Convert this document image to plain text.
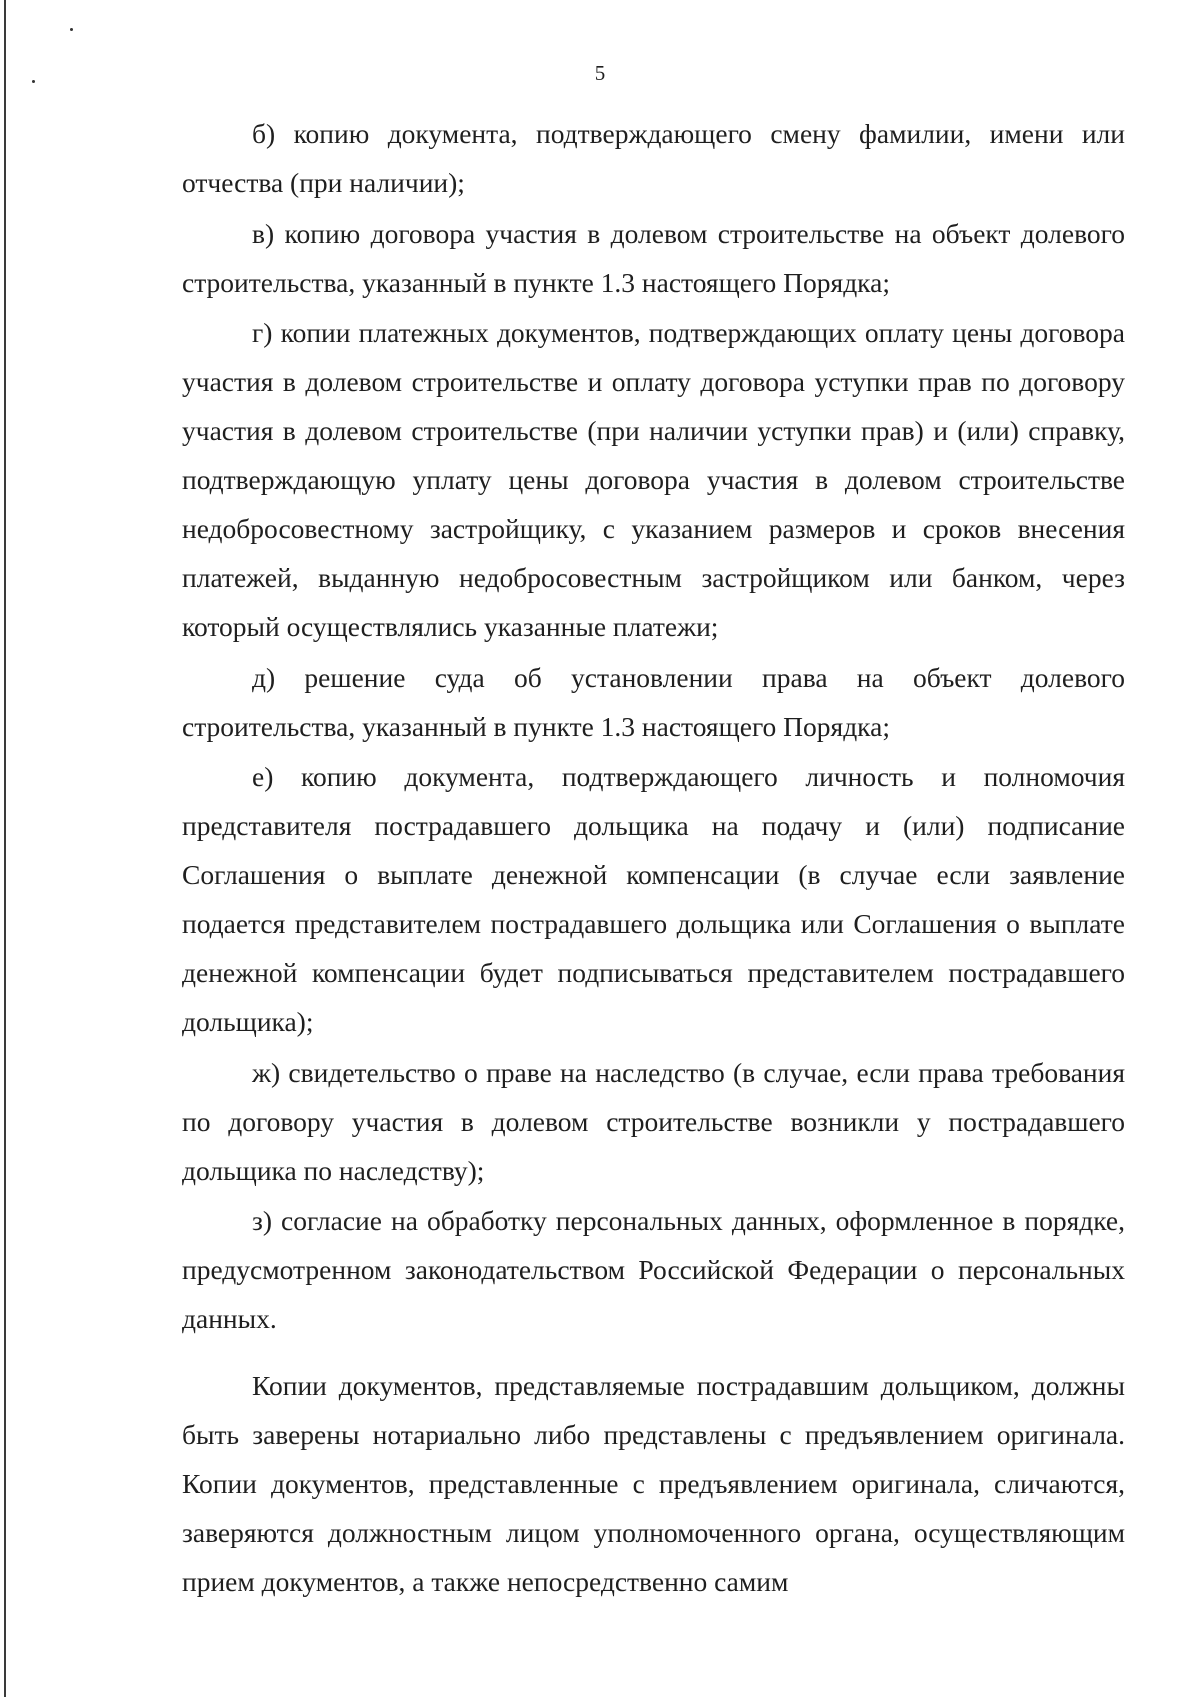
5

б) копию документа, подтверждающего смену фамилии, имени или отчества (при наличии);

в) копию договора участия в долевом строительстве на объект долевого строительства, указанный в пункте 1.3 настоящего Порядка;

г) копии платежных документов, подтверждающих оплату цены договора участия в долевом строительстве и оплату договора уступки прав по договору участия в долевом строительстве (при наличии уступки прав) и (или) справку, подтверждающую уплату цены договора участия в долевом строительстве недобросовестному застройщику, с указанием размеров и сроков внесения платежей, выданную недобросовестным застройщиком или банком, через который осуществлялись указанные платежи;

д) решение суда об установлении права на объект долевого строительства, указанный в пункте 1.3 настоящего Порядка;

е) копию документа, подтверждающего личность и полномочия представителя пострадавшего дольщика на подачу и (или) подписание Соглашения о выплате денежной компенсации (в случае если заявление подается представителем пострадавшего дольщика или Соглашения о выплате денежной компенсации будет подписываться представителем пострадавшего дольщика);

ж) свидетельство о праве на наследство (в случае, если права требования по договору участия в долевом строительстве возникли у пострадавшего дольщика по наследству);

з) согласие на обработку персональных данных, оформленное в порядке, предусмотренном законодательством Российской Федерации о персональных данных.

Копии документов, представляемые пострадавшим дольщиком, должны быть заверены нотариально либо представлены с предъявлением оригинала. Копии документов, представленные с предъявлением оригинала, сличаются, заверяются должностным лицом уполномоченного органа, осуществляющим прием документов, а также непосредственно самим
